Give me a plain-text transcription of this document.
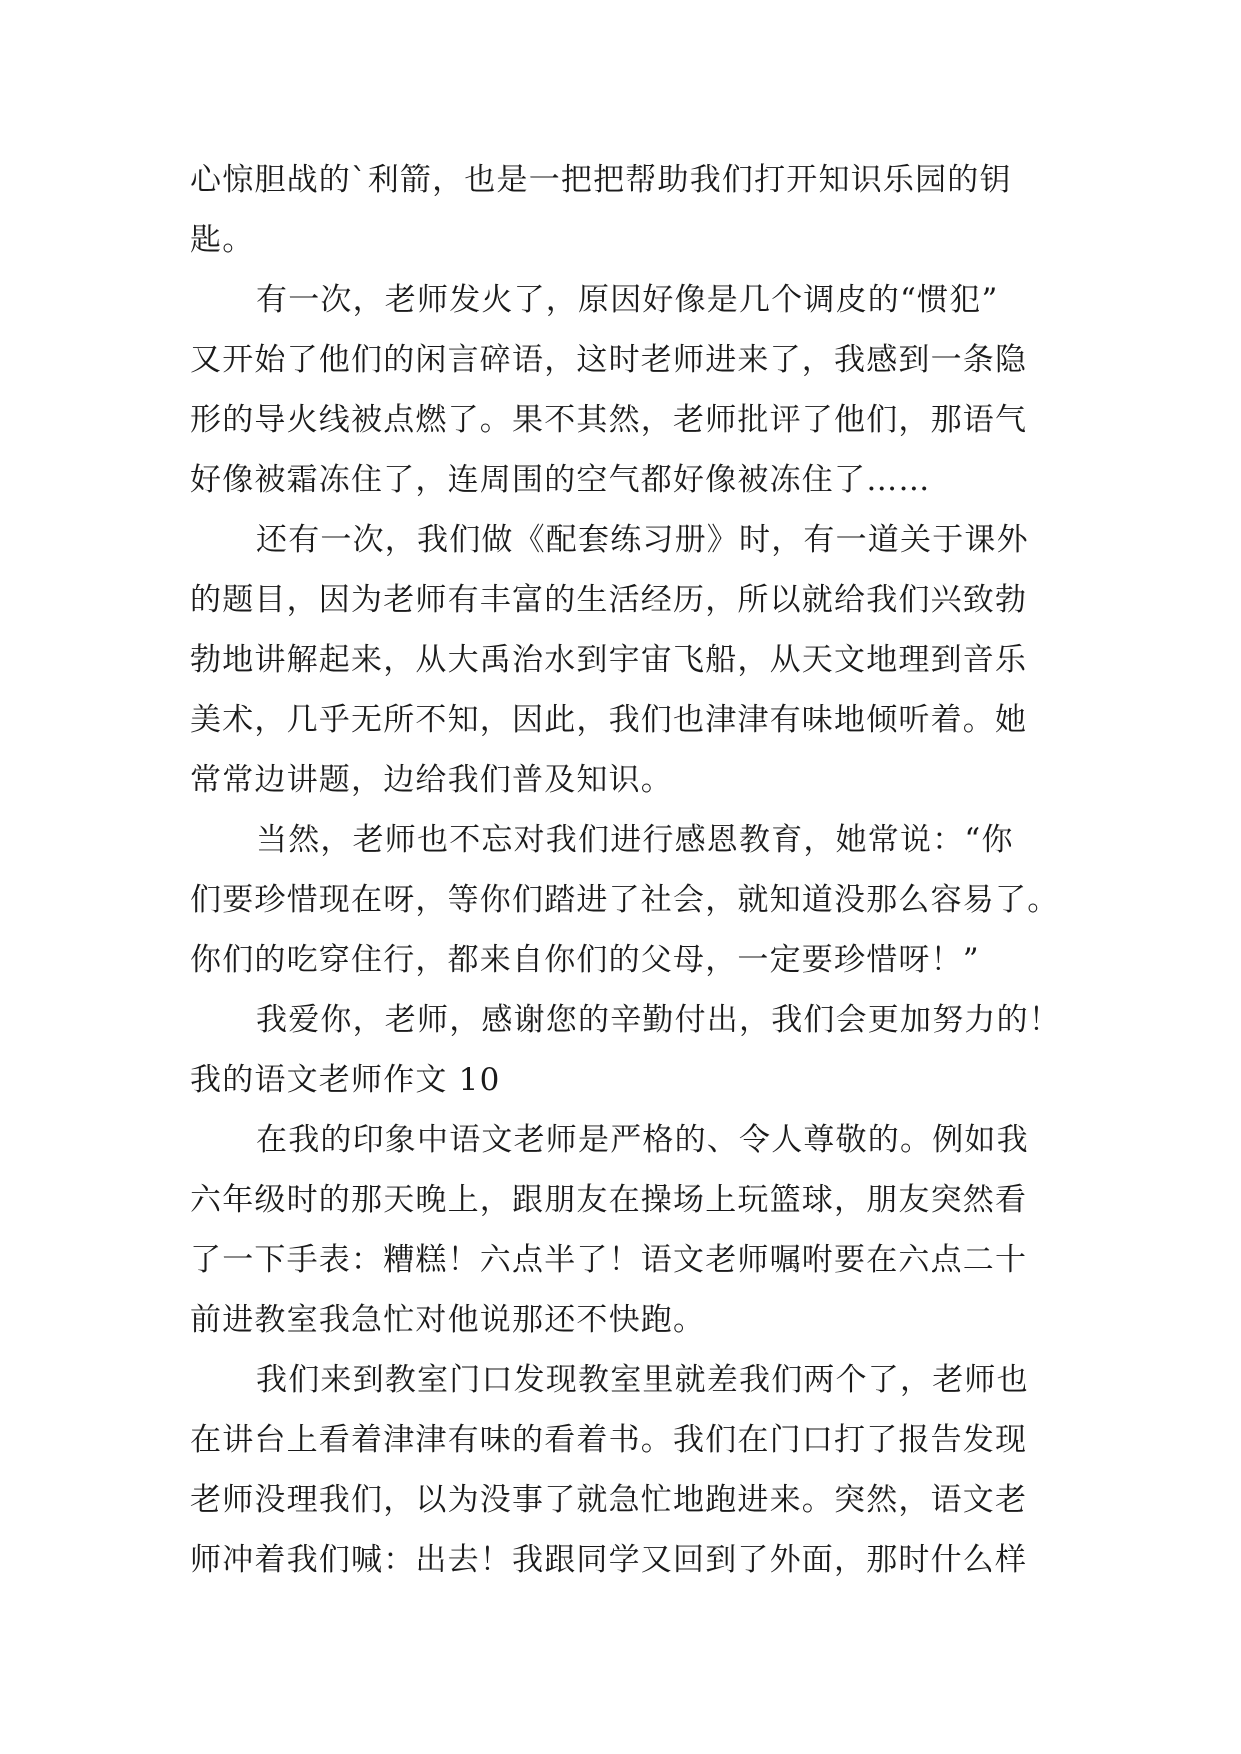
心惊胆战的`利箭，也是一把把帮助我们打开知识乐园的钥
匙。
有一次，老师发火了，原因好像是几个调皮的“惯犯”
又开始了他们的闲言碎语，这时老师进来了，我感到一条隐
形的导火线被点燃了。果不其然，老师批评了他们，那语气
好像被霜冻住了，连周围的空气都好像被冻住了……
还有一次，我们做《配套练习册》时，有一道关于课外
的题目，因为老师有丰富的生活经历，所以就给我们兴致勃
勃地讲解起来，从大禹治水到宇宙飞船，从天文地理到音乐
美术，几乎无所不知，因此，我们也津津有味地倾听着。她
常常边讲题，边给我们普及知识。
当然，老师也不忘对我们进行感恩教育，她常说：“你
们要珍惜现在呀，等你们踏进了社会，就知道没那么容易了。
你们的吃穿住行，都来自你们的父母，一定要珍惜呀！”
我爱你，老师，感谢您的辛勤付出，我们会更加努力的！
我的语文老师作文 10
在我的印象中语文老师是严格的、令人尊敬的。例如我
六年级时的那天晚上，跟朋友在操场上玩篮球，朋友突然看
了一下手表：糟糕！六点半了！语文老师嘱咐要在六点二十
前进教室我急忙对他说那还不快跑。
我们来到教室门口发现教室里就差我们两个了，老师也
在讲台上看着津津有味的看着书。我们在门口打了报告发现
老师没理我们，以为没事了就急忙地跑进来。突然，语文老
师冲着我们喊：出去！我跟同学又回到了外面，那时什么样
